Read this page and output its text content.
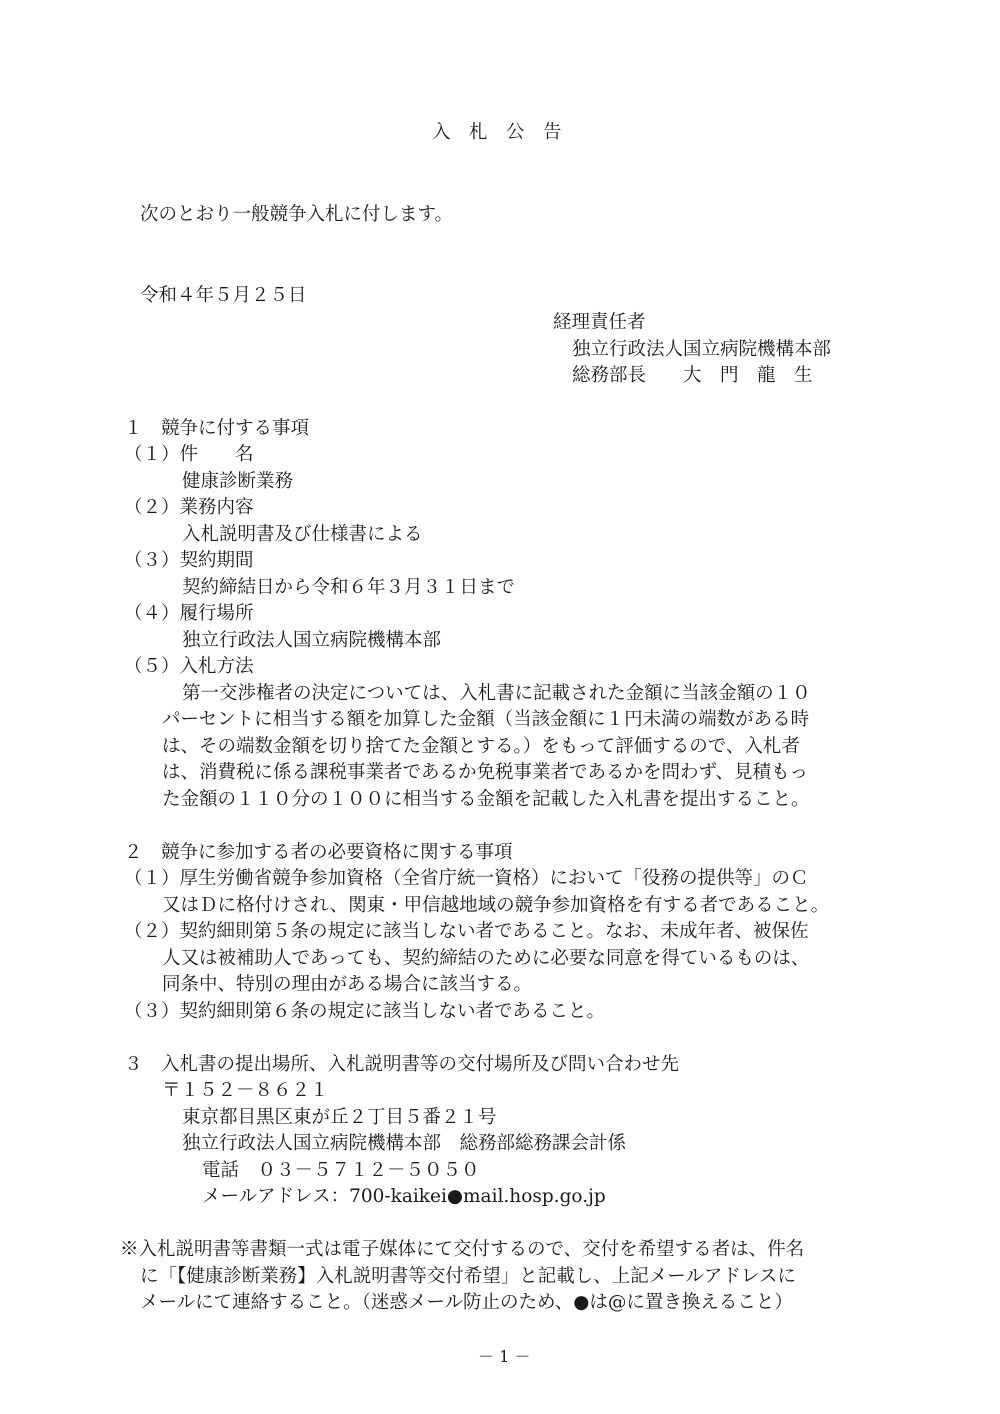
入　札　公　告
次のとおり一般競争入札に付します。
令和４年５月２５日
経理責任者
独立行政法人国立病院機構本部
総務部長　　大　門　龍　生
１　競争に付する事項
（１）件　　名
健康診断業務
（２）業務内容
入札説明書及び仕様書による
（３）契約期間
契約締結日から令和６年３月３１日まで
（４）履行場所
独立行政法人国立病院機構本部
（５）入札方法
第一交渉権者の決定については、入札書に記載された金額に当該金額の１０
パーセントに相当する額を加算した金額（当該金額に１円未満の端数がある時
は、その端数金額を切り捨てた金額とする。）をもって評価するので、入札者
は、消費税に係る課税事業者であるか免税事業者であるかを問わず、見積もっ
た金額の１１０分の１００に相当する金額を記載した入札書を提出すること。
２　競争に参加する者の必要資格に関する事項
（１）厚生労働省競争参加資格（全省庁統一資格）において「役務の提供等」のＣ
又はＤに格付けされ、関東・甲信越地域の競争参加資格を有する者であること。
（２）契約細則第５条の規定に該当しない者であること。なお、未成年者、被保佐
人又は被補助人であっても、契約締結のために必要な同意を得ているものは、
同条中、特別の理由がある場合に該当する。
（３）契約細則第６条の規定に該当しない者であること。
３　入札書の提出場所、入札説明書等の交付場所及び問い合わせ先
〒１５２－８６２１
東京都目黒区東が丘２丁目５番２１号
独立行政法人国立病院機構本部　総務部総務課会計係
電話　０３－５７１２－５０５０
メールアドレス：700-kaikei●mail.hosp.go.jp
※入札説明書等書類一式は電子媒体にて交付するので、交付を希望する者は、件名
に「【健康診断業務】入札説明書等交付希望」と記載し、上記メールアドレスに
メールにて連絡すること。（迷惑メール防止のため、●は@に置き換えること）
－ 1 －
